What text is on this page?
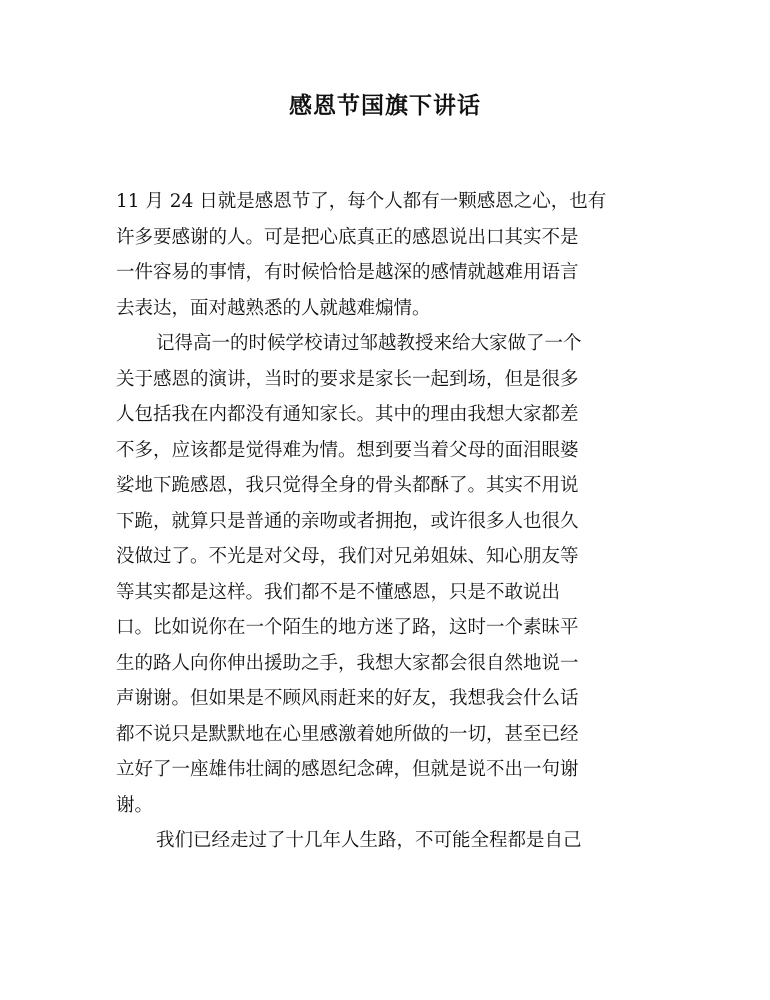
感恩节国旗下讲话
11 月 24 日就是感恩节了，每个人都有一颗感恩之心，也有
许多要感谢的人。可是把心底真正的感恩说出口其实不是
一件容易的事情，有时候恰恰是越深的感情就越难用语言
去表达，面对越熟悉的人就越难煽情。
记得高一的时候学校请过邹越教授来给大家做了一个
关于感恩的演讲，当时的要求是家长一起到场，但是很多
人包括我在内都没有通知家长。其中的理由我想大家都差
不多，应该都是觉得难为情。想到要当着父母的面泪眼婆
娑地下跪感恩，我只觉得全身的骨头都酥了。其实不用说
下跪，就算只是普通的亲吻或者拥抱，或许很多人也很久
没做过了。不光是对父母，我们对兄弟姐妹、知心朋友等
等其实都是这样。我们都不是不懂感恩，只是不敢说出
口。比如说你在一个陌生的地方迷了路，这时一个素昧平
生的路人向你伸出援助之手，我想大家都会很自然地说一
声谢谢。但如果是不顾风雨赶来的好友，我想我会什么话
都不说只是默默地在心里感激着她所做的一切，甚至已经
立好了一座雄伟壮阔的感恩纪念碑，但就是说不出一句谢
谢。
我们已经走过了十几年人生路，不可能全程都是自己
